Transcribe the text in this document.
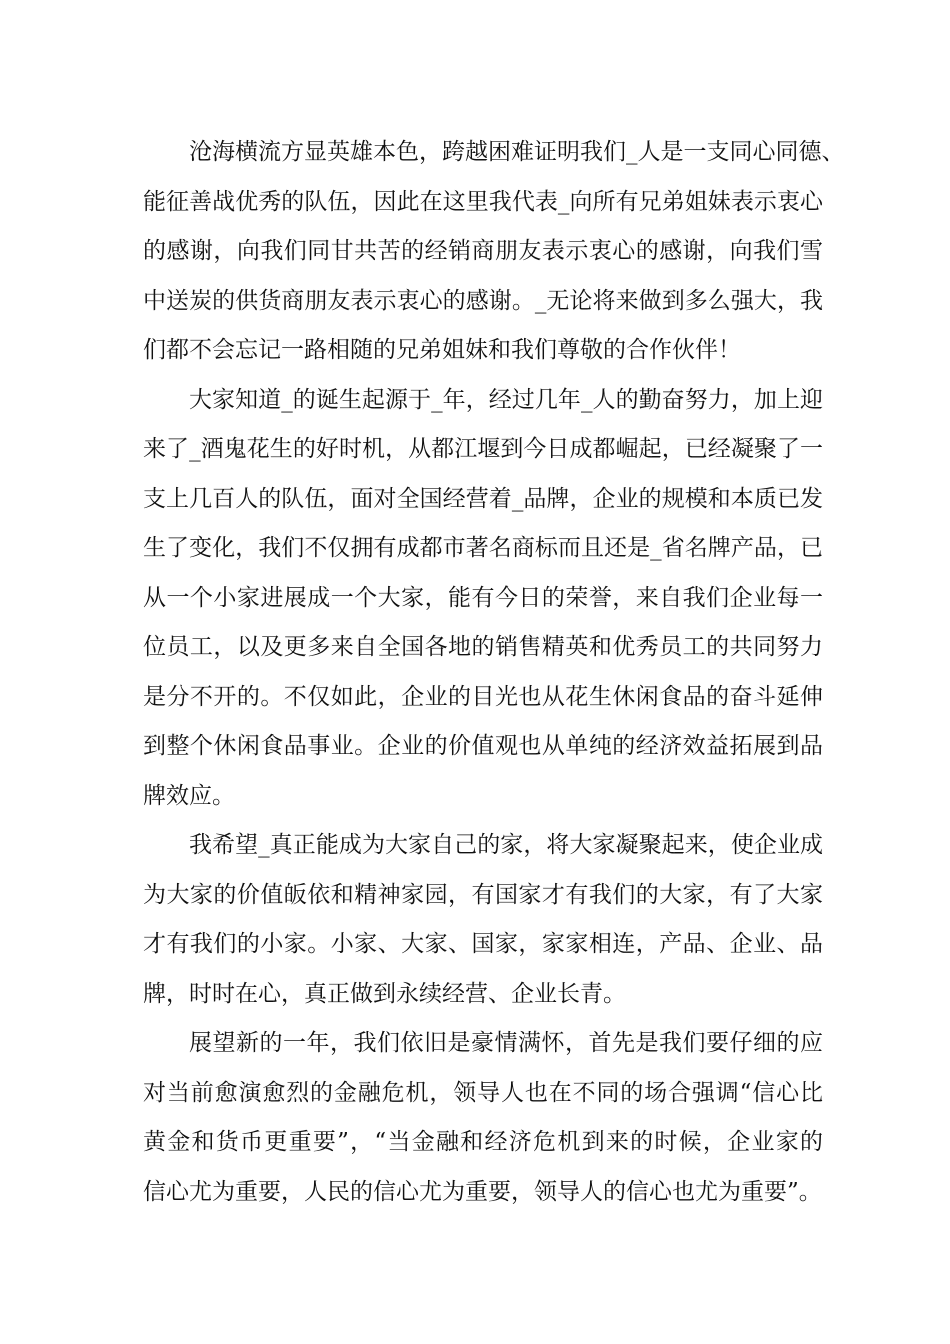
沧海横流方显英雄本色，跨越困难证明我们_人是一支同心同德、
能征善战优秀的队伍，因此在这里我代表_向所有兄弟姐妹表示衷心
的感谢，向我们同甘共苦的经销商朋友表示衷心的感谢，向我们雪
中送炭的供货商朋友表示衷心的感谢。_无论将来做到多么强大，我
们都不会忘记一路相随的兄弟姐妹和我们尊敬的合作伙伴！
大家知道_的诞生起源于_年，经过几年_人的勤奋努力，加上迎
来了_酒鬼花生的好时机，从都江堰到今日成都崛起，已经凝聚了一
支上几百人的队伍，面对全国经营着_品牌，企业的规模和本质已发
生了变化，我们不仅拥有成都市著名商标而且还是_省名牌产品，已
从一个小家进展成一个大家，能有今日的荣誉，来自我们企业每一
位员工，以及更多来自全国各地的销售精英和优秀员工的共同努力
是分不开的。不仅如此，企业的目光也从花生休闲食品的奋斗延伸
到整个休闲食品事业。企业的价值观也从单纯的经济效益拓展到品
牌效应。
我希望_真正能成为大家自己的家，将大家凝聚起来，使企业成
为大家的价值皈依和精神家园，有国家才有我们的大家，有了大家
才有我们的小家。小家、大家、国家，家家相连，产品、企业、品
牌，时时在心，真正做到永续经营、企业长青。
展望新的一年，我们依旧是豪情满怀，首先是我们要仔细的应
对当前愈演愈烈的金融危机，领导人也在不同的场合强调“信心比
黄金和货币更重要”，“当金融和经济危机到来的时候，企业家的
信心尤为重要，人民的信心尤为重要，领导人的信心也尤为重要”。
